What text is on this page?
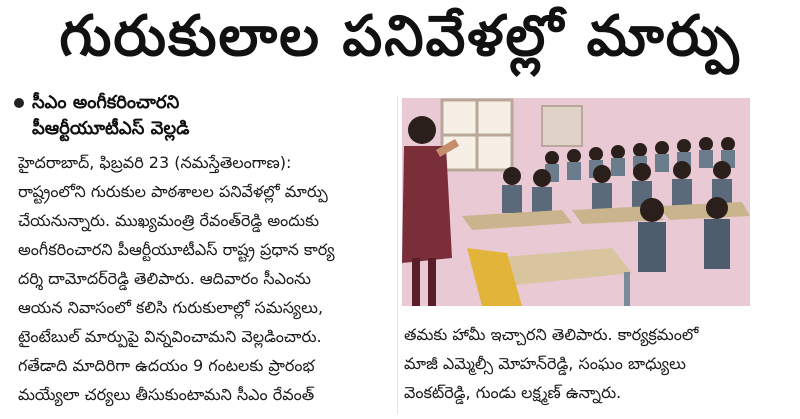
గురుకులాల పనివేళల్లో మార్పు
సీఎం అంగీకరించారని
పీఆర్టీయూటీఎస్ వెల్లడి
హైదరాబాద్, ఫిబ్రవరి 23 (నమస్తేతెలంగాణ):
రాష్ట్రంలోని గురుకుల పాఠశాలల పనివేళల్లో మార్పు
చేయనున్నారు. ముఖ్యమంత్రి రేవంత్‌రెడ్డి అందుకు
అంగీకరించారని పీఆర్టీయూటీఎస్ రాష్ట్ర ప్రధాన కార్య
దర్శి దామోదర్‌రెడ్డి తెలిపారు. ఆదివారం సీఎంను
ఆయన నివాసంలో కలిసి గురుకులాల్లో సమస్యలు,
టైంటేబుల్ మార్పుపై విన్నవించామని వెల్లడించారు.
గతేడాది మాదిరిగా ఉదయం 9 గంటలకు ప్రారంభ
మయ్యేలా చర్యలు తీసుకుంటామని సీఎం రేవంత్
తమకు హామీ ఇచ్చారని తెలిపారు. కార్యక్రమంలో
మాజీ ఎమ్మెల్సీ మోహన్‌రెడ్డి, సంఘం బాధ్యులు
వెంకట్‌రెడ్డి, గుండు లక్ష్మణ్ ఉన్నారు.
